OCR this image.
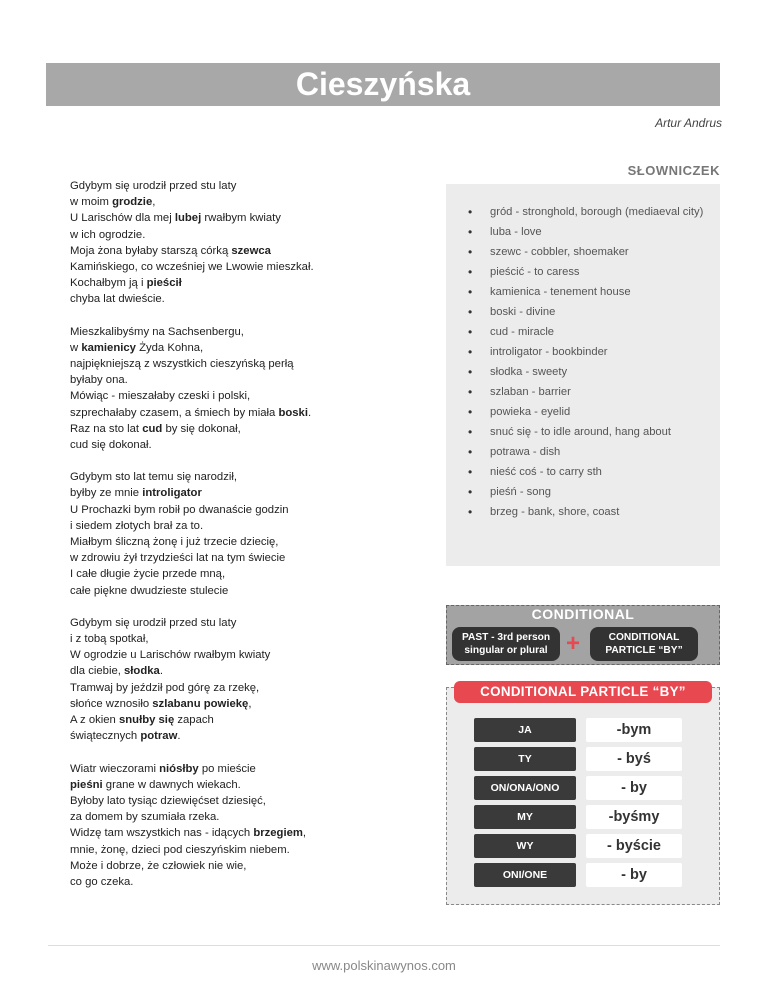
Cieszyńska
Artur Andrus
Gdybym się urodził przed stu laty
w moim grodzie,
U Larischów dla mej lubej rwałbym kwiaty
w ich ogrodzie.
Moja żona byłaby starszą córką szewca
Kamińskiego, co wcześniej we Lwowie mieszkał.
Kochałbym ją i pieścił
chyba lat dwieście.
Mieszkalibyśmy na Sachsenbergu,
w kamienicy Żyda Kohna,
najpiękniejszą z wszystkich cieszyńską perłą
byłaby ona.
Mówiąc - mieszałaby czeski i polski,
szprechałaby czasem, a śmiech by miała boski.
Raz na sto lat cud by się dokonał,
cud się dokonał.
Gdybym sto lat temu się narodził,
byłby ze mnie introligator
U Prochazki bym robił po dwanaście godzin
i siedem złotych brał za to.
Miałbym śliczną żonę i już trzecie dziecię,
w zdrowiu żył trzydzieści lat na tym świecie
I całe długie życie przede mną,
całe piękne dwudzieste stulecie
Gdybym się urodził przed stu laty
i z tobą spotkał,
W ogrodzie u Larischów rwałbym kwiaty
dla ciebie, słodka.
Tramwaj by jeździł pod górę za rzekę,
słońce wznosiło szlabanu powiekę,
A z okien snułby się zapach
świątecznych potraw.
Wiatr wieczorami niósłby po mieście
pieśni grane w dawnych wiekach.
Byłoby lato tysiąc dziewięćset dziesięć,
za domem by szumiała rzeka.
Widzę tam wszystkich nas - idących brzegiem,
mnie, żonę, dzieci pod cieszyńskim niebem.
Może i dobrze, że człowiek nie wie,
co go czeka.
SŁOWNICZEK
• gród - stronghold, borough (mediaeval city)
• luba - love
• szewc - cobbler, shoemaker
• pieścić - to caress
• kamienica - tenement house
• boski - divine
• cud - miracle
• introligator - bookbinder
• słodka - sweety
• szlaban - barrier
• powieka - eyelid
• snuć się - to idle around, hang about
• potrawa - dish
• nieść coś - to carry sth
• pieśń - song
• brzeg - bank, shore, coast
CONDITIONAL
PAST - 3rd person
singular or plural +	CONDITIONAL
PARTICLE “BY”
CONDITIONAL PARTICLE “BY”
JA	-bym
TY	- byś
ON/ONA/ONO	- by
MY	-byśmy
WY	- byście
ONI/ONE	- by
www.polskinawynos.com
